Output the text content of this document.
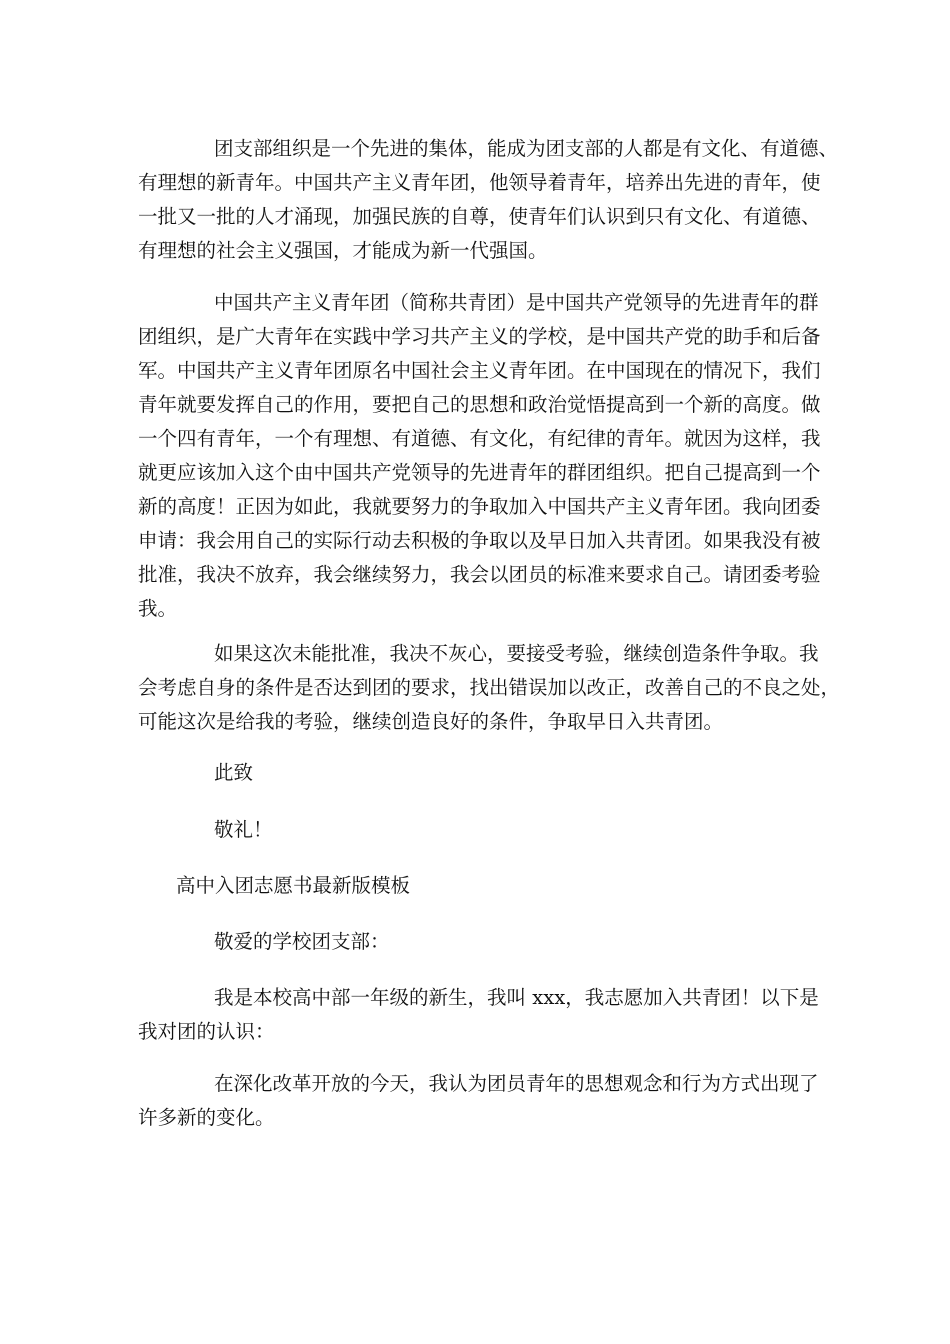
团支部组织是一个先进的集体，能成为团支部的人都是有文化、有道德、
有理想的新青年。中国共产主义青年团，他领导着青年，培养出先进的青年，使
一批又一批的人才涌现，加强民族的自尊，使青年们认识到只有文化、有道德、
有理想的社会主义强国，才能成为新一代强国。

中国共产主义青年团（简称共青团）是中国共产党领导的先进青年的群
团组织，是广大青年在实践中学习共产主义的学校，是中国共产党的助手和后备
军。中国共产主义青年团原名中国社会主义青年团。在中国现在的情况下，我们
青年就要发挥自己的作用，要把自己的思想和政治觉悟提高到一个新的高度。做
一个四有青年，一个有理想、有道德、有文化，有纪律的青年。就因为这样，我
就更应该加入这个由中国共产党领导的先进青年的群团组织。把自己提高到一个
新的高度！正因为如此，我就要努力的争取加入中国共产主义青年团。我向团委
申请：我会用自己的实际行动去积极的争取以及早日加入共青团。如果我没有被
批准，我决不放弃，我会继续努力，我会以团员的标准来要求自己。请团委考验
我。

如果这次未能批准，我决不灰心，要接受考验，继续创造条件争取。我
会考虑自身的条件是否达到团的要求，找出错误加以改正，改善自己的不良之处，
可能这次是给我的考验，继续创造良好的条件，争取早日入共青团。

此致

敬礼！

高中入团志愿书最新版模板

敬爱的学校团支部：

我是本校高中部一年级的新生，我叫 xxx，我志愿加入共青团！以下是
我对团的认识：

在深化改革开放的今天，我认为团员青年的思想观念和行为方式出现了
许多新的变化。
